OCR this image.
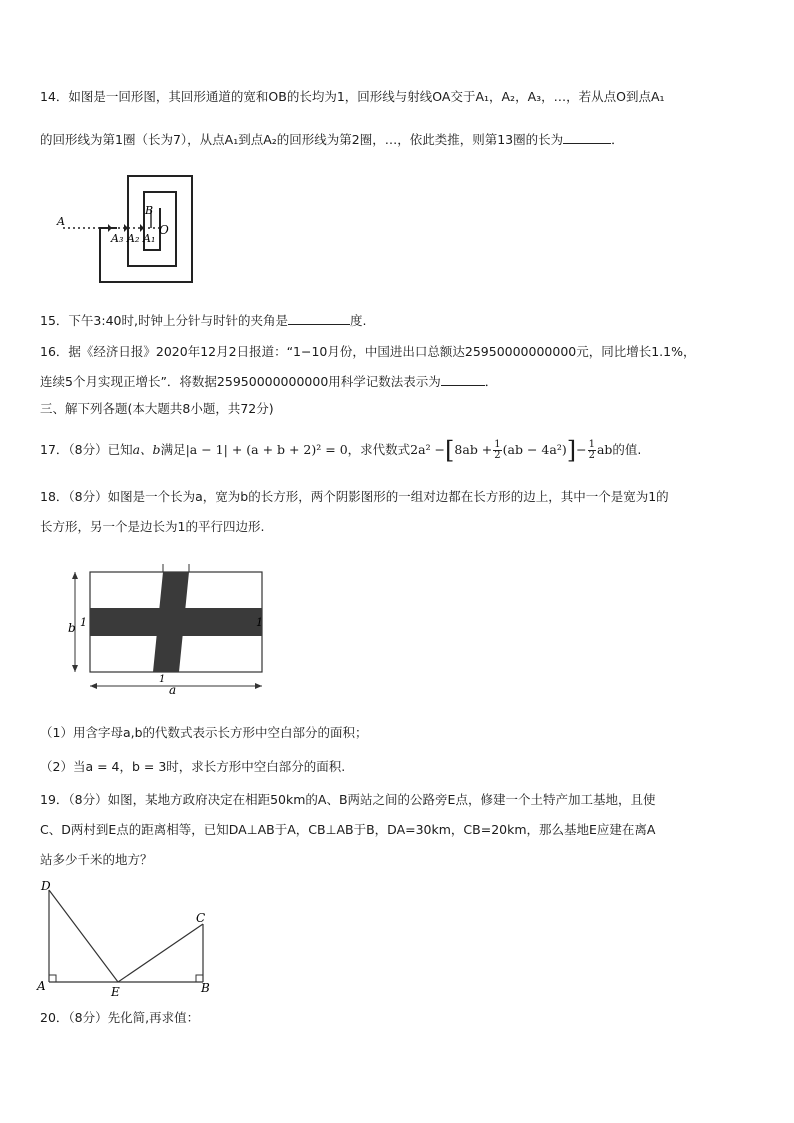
14．如图是一回形图，其回形通道的宽和OB的长均为1，回形线与射线OA交于A₁，A₂，A₃，…，若从点O到点A₁
的回形线为第1圈（长为7），从点A₁到点A₂的回形线为第2圈，…，依此类推，则第13圈的长为	．
A
B
O
A₁
A₂
A₃
15．下午3:40时,时钟上分针与时针的夹角是	度.
16．据《经济日报》2020年12月2日报道：“1−10月份，中国进出口总额达25950000000000元，同比增长1.1%，
连续5个月实现正增长”．将数据25950000000000用科学记数法表示为	．
三、解下列各题(本大题共8小题，共72分)
17．（8分）已知a、b满足|a − 1| + (a + b + 2)² = 0，求代数式$2a^2 -[8ab + \frac{1}{2} (ab - 4a^2)]- \frac{1}{2}$ ab的值.
18．（8分）如图是一个长为a，宽为b的长方形，两个阴影图形的一组对边都在长方形的边上，其中一个是宽为1的
长方形，另一个是边长为1的平行四边形.
b
a
1	1
1
（1）用含字母a,b的代数式表示长方形中空白部分的面积；
（2）当a = 4，b = 3时，求长方形中空白部分的面积.
19．（8分）如图，某地方政府决定在相距50km的A、B两站之间的公路旁E点，修建一个土特产加工基地，且使
C、D两村到E点的距离相等，已知DA⊥AB于A，CB⊥AB于B，DA=30km，CB=20km，那么基地E应建在离A
站多少千米的地方？
D
C
A	E	B
20．（8分）先化简,再求值：
